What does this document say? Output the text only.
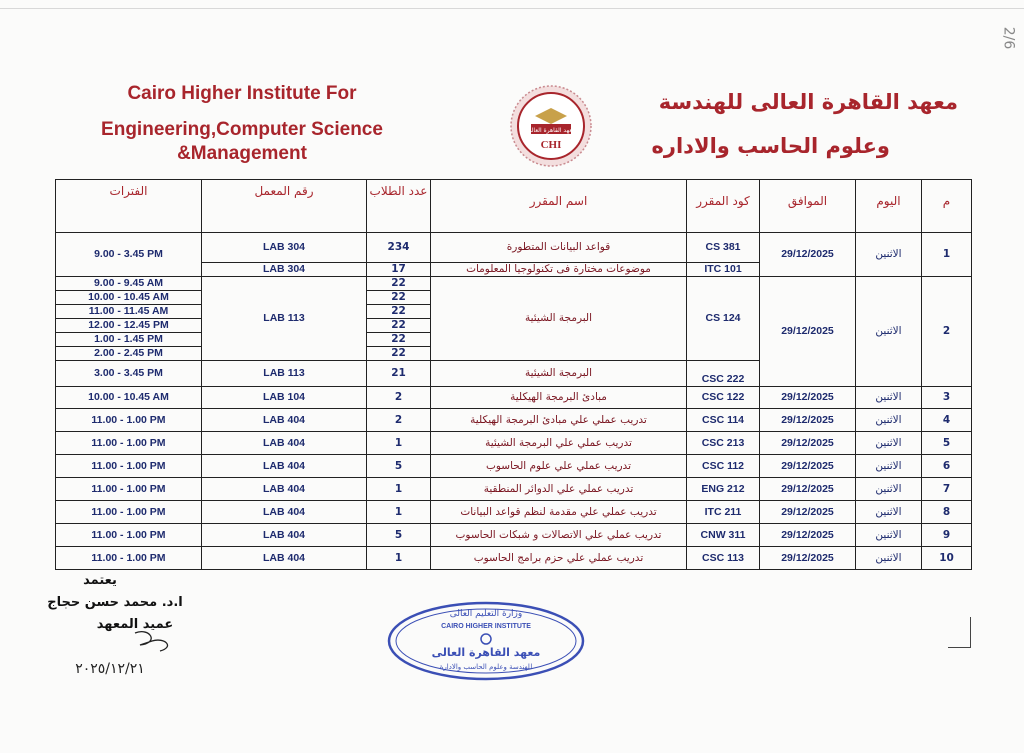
2/6
Cairo Higher Institute For
Engineering,Computer Science
&Management
معهد القاهرة العالي
CHI
معهد القاهرة العالى للهندسة
وعلوم الحاسب والاداره
الفترات	رقم المعمل	عدد الطلاب	اسم المقرر	كود المقرر	الموافق	اليوم	م
9.00 - 3.45 PM	LAB 304	234	قواعد البيانات المتطورة	CS 381	29/12/2025	الاثنين	1
	LAB 304	17	موضوعات مختارة فى تكنولوجيا المعلومات	ITC 101			
9.00 - 9.45 AM	LAB 113	22	البرمجة الشيئية	CS 124	29/12/2025	الاثنين	2
10.00 - 10.45 AM		22					
11.00 - 11.45 AM		22					
12.00 - 12.45 PM		22					
1.00 - 1.45 PM		22					
2.00 - 2.45 PM		22					
3.00 - 3.45 PM	LAB 113	21	البرمجة الشيئية	CSC 222			
10.00 - 10.45 AM	LAB 104	2	مبادئ البرمجة الهيكلية	CSC 122	29/12/2025	الاثنين	3
11.00 - 1.00 PM	LAB 404	2	تدريب عملي علي مبادئ البرمجة الهيكلية	CSC 114	29/12/2025	الاثنين	4
11.00 - 1.00 PM	LAB 404	1	تدريب عملي علي البرمجة الشيئية	CSC 213	29/12/2025	الاثنين	5
11.00 - 1.00 PM	LAB 404	5	تدريب عملي علي علوم الحاسوب	CSC 112	29/12/2025	الاثنين	6
11.00 - 1.00 PM	LAB 404	1	تدريب عملي علي الدوائر المنطقية	ENG 212	29/12/2025	الاثنين	7
11.00 - 1.00 PM	LAB 404	1	تدريب عملي علي مقدمة لنظم قواعد البيانات	ITC 211	29/12/2025	الاثنين	8
11.00 - 1.00 PM	LAB 404	5	تدريب عملي علي الاتصالات و شبكات الحاسوب	CNW 311	29/12/2025	الاثنين	9
11.00 - 1.00 PM	LAB 404	1	تدريب عملي علي حزم برامج الحاسوب	CSC 113	29/12/2025	الاثنين	10
يعتمد
ا.د. محمد حسن حجاج
عميد المعهد
٢٠٢٥/١٢/٢١
وزارة التعليم العالى
CAIRO HIGHER INSTITUTE
معهد القاهرة العالى
للهندسة وعلوم الحاسب والادارة
